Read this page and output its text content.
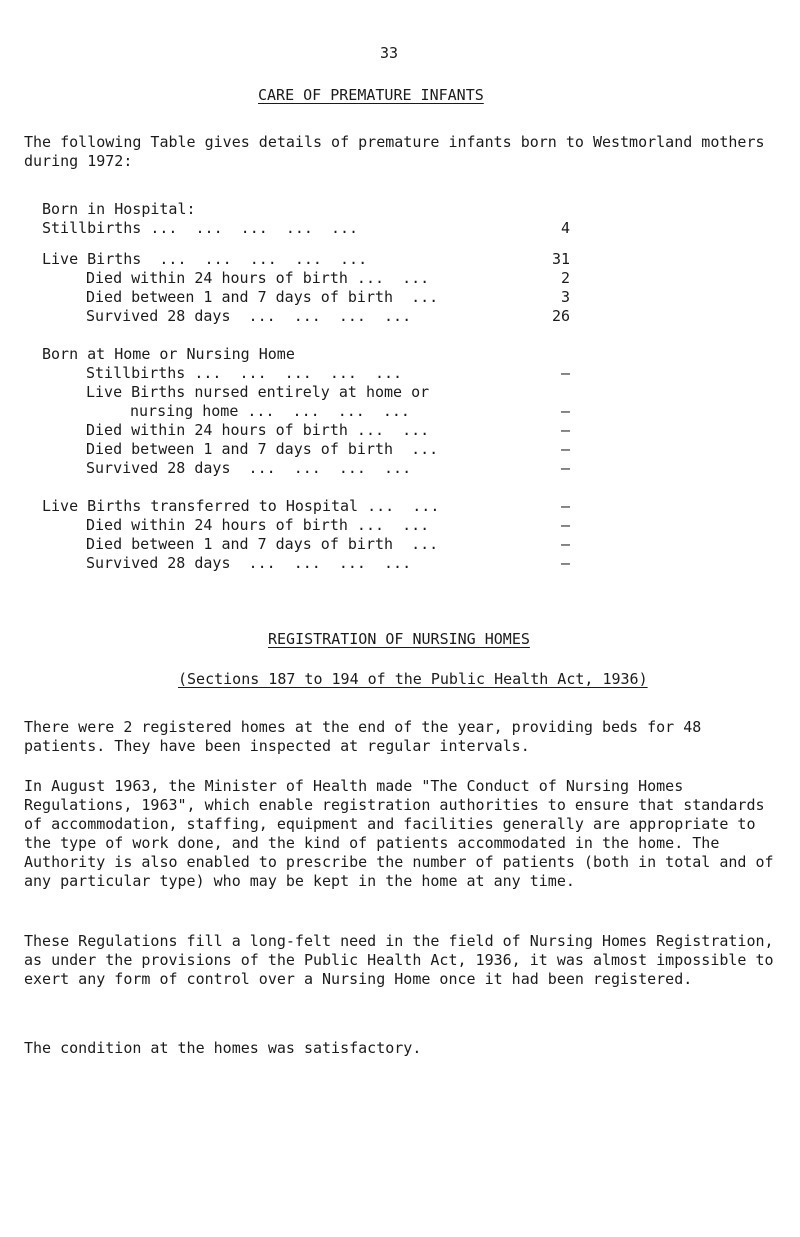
33
CARE OF PREMATURE INFANTS
The following Table gives details of premature infants born to Westmorland mothers during 1972:
Born in Hospital:
Stillbirths ...  ...  ...  ...  ...	4
Live Births  ...  ...  ...  ...  ...	31
Died within 24 hours of birth ...  ...	2
Died between 1 and 7 days of birth  ...	3
Survived 28 days  ...  ...  ...  ...	26
Born at Home or Nursing Home
Stillbirths ...  ...  ...  ...  ...	–
Live Births nursed entirely at home or
nursing home ...  ...  ...  ...	–
Died within 24 hours of birth ...  ...	–
Died between 1 and 7 days of birth  ...	–
Survived 28 days  ...  ...  ...  ...	–
Live Births transferred to Hospital ...  ...	–
Died within 24 hours of birth ...  ...	–
Died between 1 and 7 days of birth  ...	–
Survived 28 days  ...  ...  ...  ...	–
REGISTRATION OF NURSING HOMES
(Sections 187 to 194 of the Public Health Act, 1936)
There were 2 registered homes at the end of the year, providing beds for 48 patients. They have been inspected at regular intervals.
In August 1963, the Minister of Health made "The Conduct of Nursing Homes Regulations, 1963", which enable registration authorities to ensure that standards of accommodation, staffing, equipment and facilities generally are appropriate to the type of work done, and the kind of patients accommodated in the home. The Authority is also enabled to prescribe the number of patients (both in total and of any particular type) who may be kept in the home at any time.
These Regulations fill a long-felt need in the field of Nursing Homes Registration, as under the provisions of the Public Health Act, 1936, it was almost impossible to exert any form of control over a Nursing Home once it had been registered.
The condition at the homes was satisfactory.
